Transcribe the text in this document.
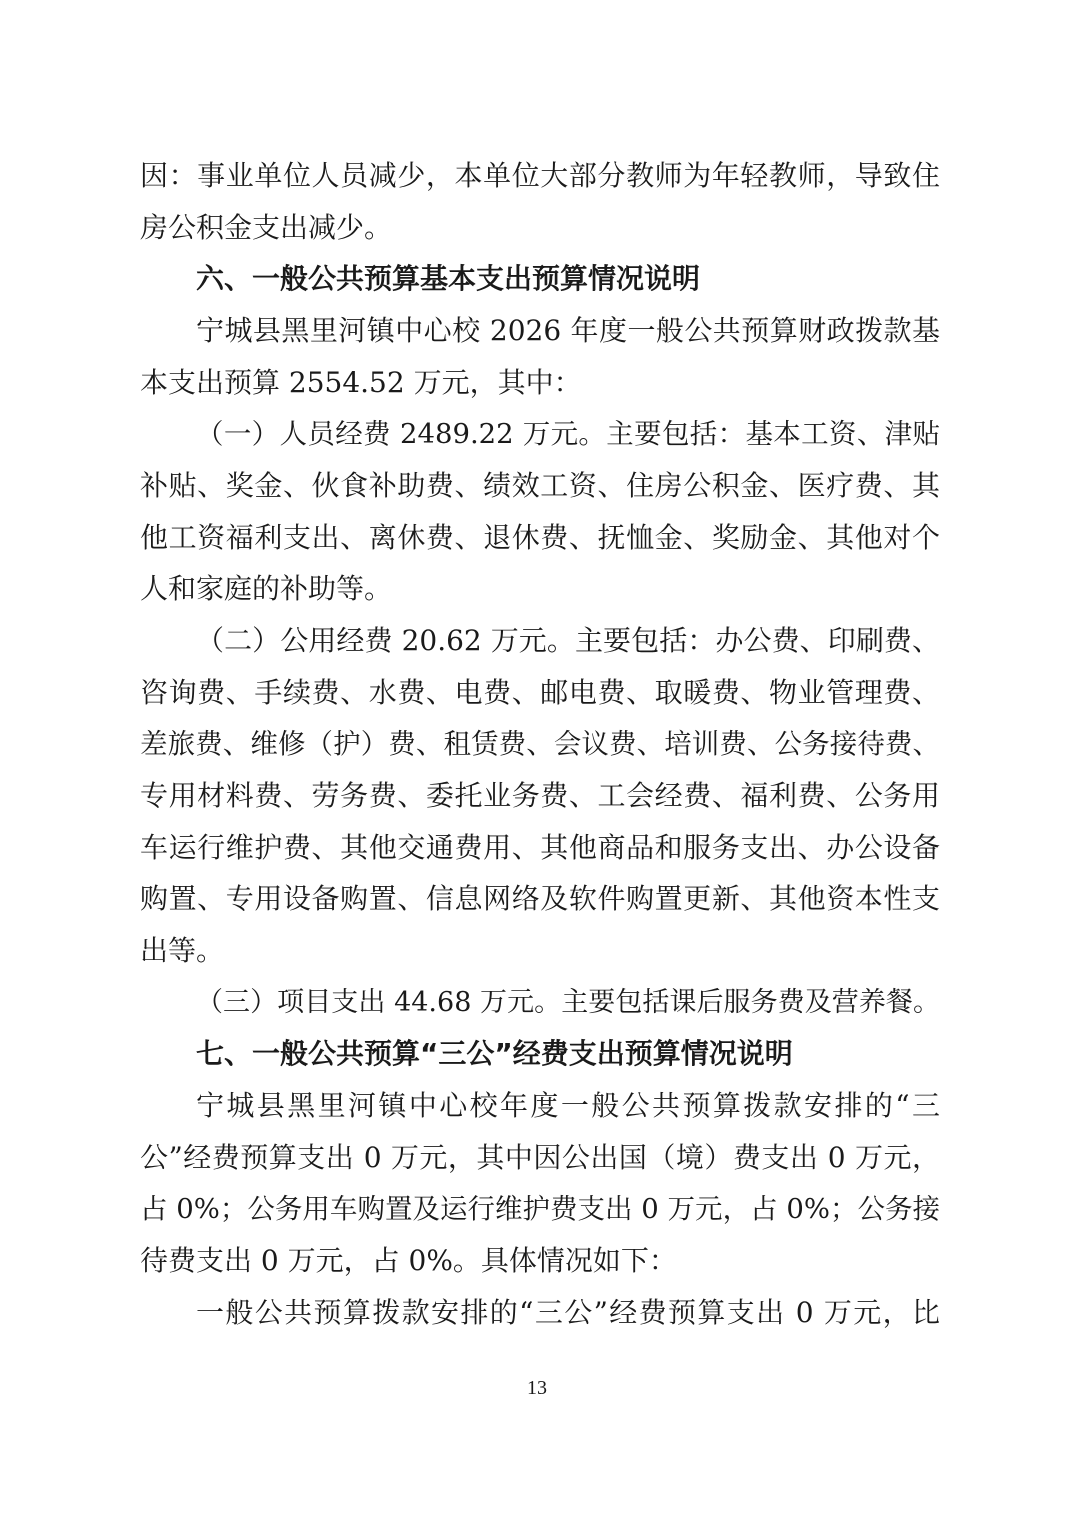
因：事业单位人员减少，本单位大部分教师为年轻教师，导致住
房公积金支出减少。
六、一般公共预算基本支出预算情况说明
宁城县黑里河镇中心校 2026 年度一般公共预算财政拨款基
本支出预算 2554.52 万元，其中：
（一）人员经费 2489.22 万元。主要包括：基本工资、津贴
补贴、奖金、伙食补助费、绩效工资、住房公积金、医疗费、其
他工资福利支出、离休费、退休费、抚恤金、奖励金、其他对个
人和家庭的补助等。
（二）公用经费 20.62 万元。主要包括：办公费、印刷费、
咨询费、手续费、水费、电费、邮电费、取暖费、物业管理费、
差旅费、维修（护）费、租赁费、会议费、培训费、公务接待费、
专用材料费、劳务费、委托业务费、工会经费、福利费、公务用
车运行维护费、其他交通费用、其他商品和服务支出、办公设备
购置、专用设备购置、信息网络及软件购置更新、其他资本性支
出等。
（三）项目支出 44.68 万元。主要包括课后服务费及营养餐。
七、一般公共预算“三公”经费支出预算情况说明
宁城县黑里河镇中心校年度一般公共预算拨款安排的“三
公”经费预算支出 0 万元，其中因公出国（境）费支出 0 万元，
占 0%；公务用车购置及运行维护费支出 0 万元，占 0%；公务接
待费支出 0 万元，占 0%。具体情况如下：
一般公共预算拨款安排的“三公”经费预算支出 0 万元，比
13
